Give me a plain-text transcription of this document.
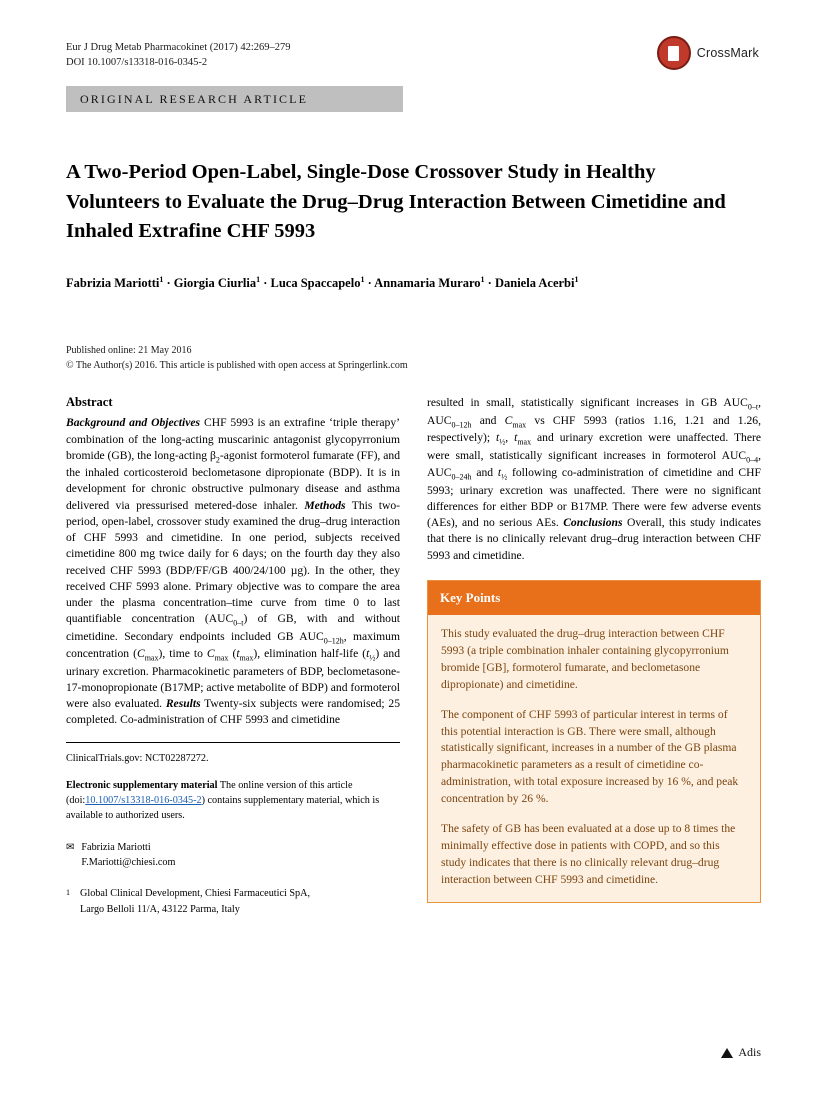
Eur J Drug Metab Pharmacokinet (2017) 42:269–279
DOI 10.1007/s13318-016-0345-2
CrossMark
ORIGINAL RESEARCH ARTICLE
A Two-Period Open-Label, Single-Dose Crossover Study in Healthy Volunteers to Evaluate the Drug–Drug Interaction Between Cimetidine and Inhaled Extrafine CHF 5993
Fabrizia Mariotti$^1$ · Giorgia Ciurlia$^1$ · Luca Spaccapelo$^1$ · Annamaria Muraro$^1$ · Daniela Acerbi$^1$
Published online: 21 May 2016
© The Author(s) 2016. This article is published with open access at Springerlink.com
Abstract
Background and Objectives CHF 5993 is an extrafine ‘triple therapy’ combination of the long-acting muscarinic antagonist glycopyrronium bromide (GB), the long-acting $\beta_2$-agonist formoterol fumarate (FF), and the inhaled corticosteroid beclometasone dipropionate (BDP). It is in development for chronic obstructive pulmonary disease and asthma delivered via pressurised metered-dose inhaler. Methods This two-period, open-label, crossover study examined the drug–drug interaction of CHF 5993 and cimetidine. In one period, subjects received cimetidine 800 mg twice daily for 6 days; on the fourth day they also received CHF 5993 (BDP/FF/GB 400/24/100 µg). In the other, they received CHF 5993 alone. Primary objective was to compare the area under the plasma concentration–time curve from time 0 to last quantifiable concentration $(AUC_{0-t})$ of GB, with and without cimetidine. Secondary endpoints included GB $AUC_{0-12h}$, maximum concentration $(C_{max})$, time to $C_{max}$ $(t_{max})$, elimination half-life $(t_{\frac{1}{2}})$ and urinary excretion. Pharmacokinetic parameters of BDP, beclometasone-17-monopropionate (B17MP; active metabolite of BDP) and formoterol were also evaluated. Results Twenty-six subjects were randomised; 25 completed. Co-administration of CHF 5993 and cimetidine
ClinicalTrials.gov: NCT02287272.
Electronic supplementary material The online version of this article (doi:10.1007/s13318-016-0345-2) contains supplementary material, which is available to authorized users.
✉ Fabrizia Mariotti
F.Mariotti@chiesi.com
1 Global Clinical Development, Chiesi Farmaceutici SpA,
Largo Belloli 11/A, 43122 Parma, Italy
resulted in small, statistically significant increases in GB $AUC_{0-t}$, $AUC_{0-12h}$ and $C_{max}$ vs CHF 5993 (ratios 1.16, 1.21 and 1.26, respectively); $t_{\frac{1}{2}}$, $t_{max}$ and urinary excretion were unaffected. There were small, statistically significant increases in formoterol $AUC_{0-4}$, $AUC_{0-24h}$ and $t_{\frac{1}{2}}$ following co-administration of cimetidine and CHF 5993; urinary excretion was unaffected. There were no significant differences for either BDP or B17MP. There were few adverse events (AEs), and no serious AEs. Conclusions Overall, this study indicates that there is no clinically relevant drug–drug interaction between CHF 5993 and cimetidine.
Key Points
This study evaluated the drug–drug interaction between CHF 5993 (a triple combination inhaler containing glycopyrronium bromide [GB], formoterol fumarate, and beclometasone dipropionate) and cimetidine.
The component of CHF 5993 of particular interest in terms of this potential interaction is GB. There were small, although statistically significant, increases in a number of the GB plasma pharmacokinetic parameters as a result of cimetidine co-administration, with total exposure increased by 16 %, and peak concentration by 26 %.
The safety of GB has been evaluated at a dose up to 8 times the minimally effective dose in patients with COPD, and so this study indicates that there is no clinically relevant drug–drug interaction between CHF 5993 and cimetidine.
Adis
